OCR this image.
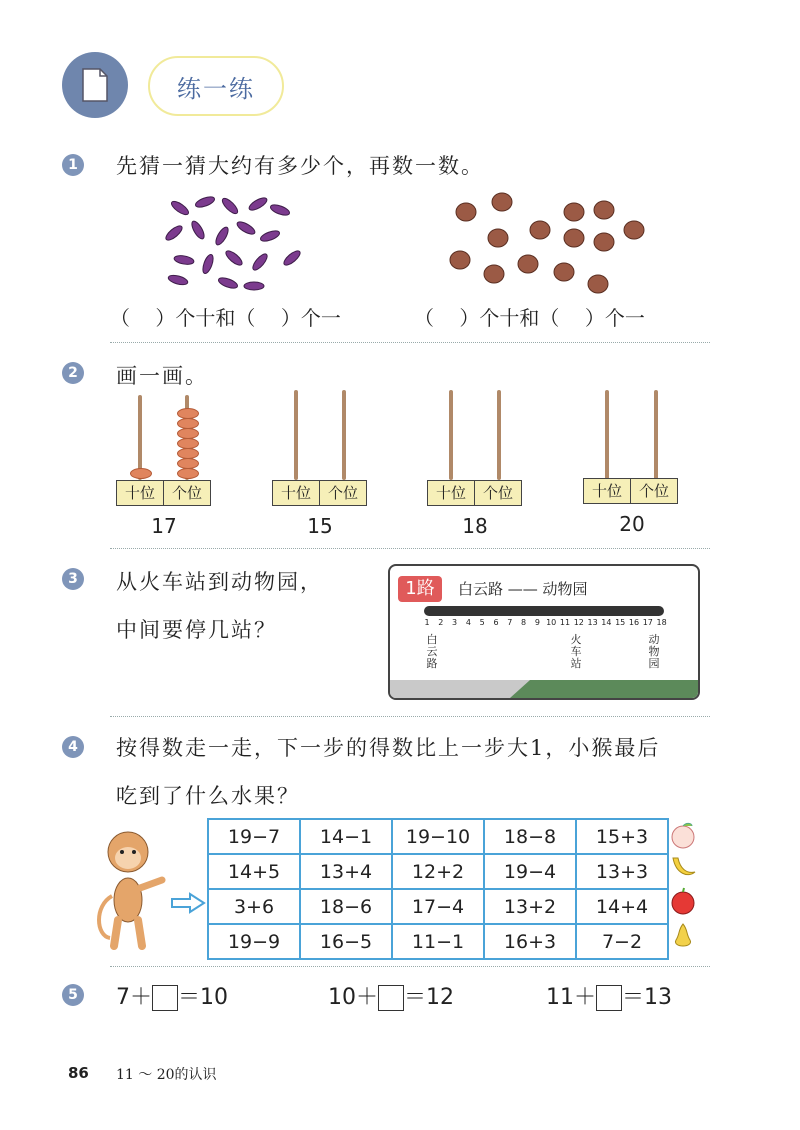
练一练
1 先猜一猜大约有多少个，再数一数。
（    ）个十和（    ）个一	（    ）个十和（    ）个一
2 画一画。
十位	个位
17
十位	个位
15
十位	个位
18
十位	个位
20
3 从火车站到动物园，
中间要停几站？
1路	白云路 —— 动物园
1	2	3	4	5	6	7	8	9 10 11 12 13 14 15 16 17 18
白云路
火车站
动物园
4 按得数走一走，下一步的得数比上一步大1，小猴最后
吃到了什么水果？
19−7	14−1	19−10	18−8	15+3
14+5	13+4	12+2	19−4	13+3
3+6	18−6	17−4	13+2	14+4
19−9	16−5	11−1	16+3	7−2
5 7＋ ＝10	10＋ ＝12	11＋ ＝13
86 11 ～ 20的认识
